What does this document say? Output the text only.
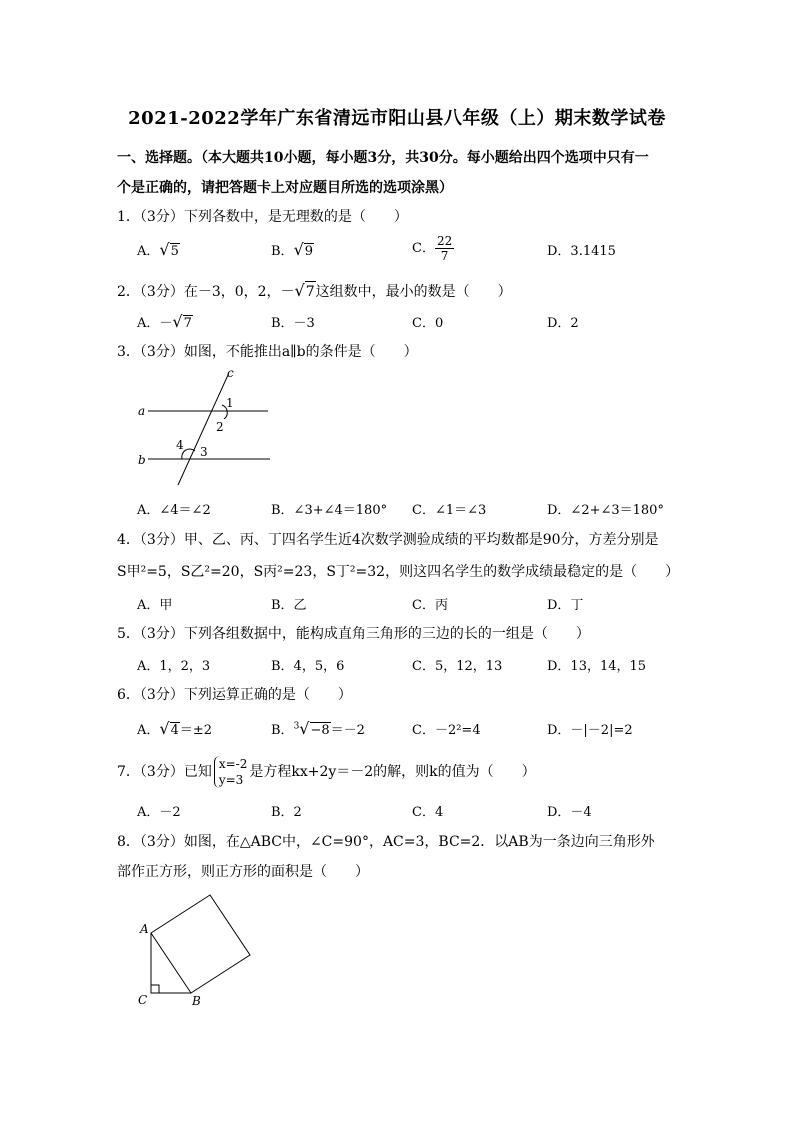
2021-2022学年广东省清远市阳山县八年级（上）期末数学试卷
一、选择题。（本大题共10小题，每小题3分，共30分。每小题给出四个选项中只有一
个是正确的，请把答题卡上对应题目所选的选项涂黑）
1．（3分）下列各数中，是无理数的是（　　）
A．√5	B．√9	C． $\frac{22}{7}$	D．3.1415
2．（3分）在－3，0，2，－√7这组数中，最小的数是（　　）
A．－√7	B．－3	C．0	D．2
3．（3分）如图，不能推出a∥b的条件是（　　）
c
a
b
1
2
3
4
A．∠4＝∠2	B．∠3+∠4＝180° C．∠1＝∠3	D．∠2+∠3＝180°
4．（3分）甲、乙、丙、丁四名学生近4次数学测验成绩的平均数都是90分，方差分别是
S甲²=5，S乙²=20，S丙²=23，S丁²=32，则这四名学生的数学成绩最稳定的是（　　）
A．甲	B．乙	C．丙	D．丁
5．（3分）下列各组数据中，能构成直角三角形的三边的长的一组是（　　）
A．1，2，3	B．4，5，6	C．5，12，13	D．13，14，15
6．（3分）下列运算正确的是（　　）
A．√4＝±2	B．$^3$√−8＝－2	C．－2²=4	D．－|－2|=2
7．（3分）已知 x=-2
y=3 是方程kx+2y＝－2的解，则k的值为（　　）
A．－2	B．2	C．4	D．－4
8．（3分）如图，在△ABC中，∠C=90°，AC=3，BC=2．以AB为一条边向三角形外
部作正方形，则正方形的面积是（　　）
A
C	B
